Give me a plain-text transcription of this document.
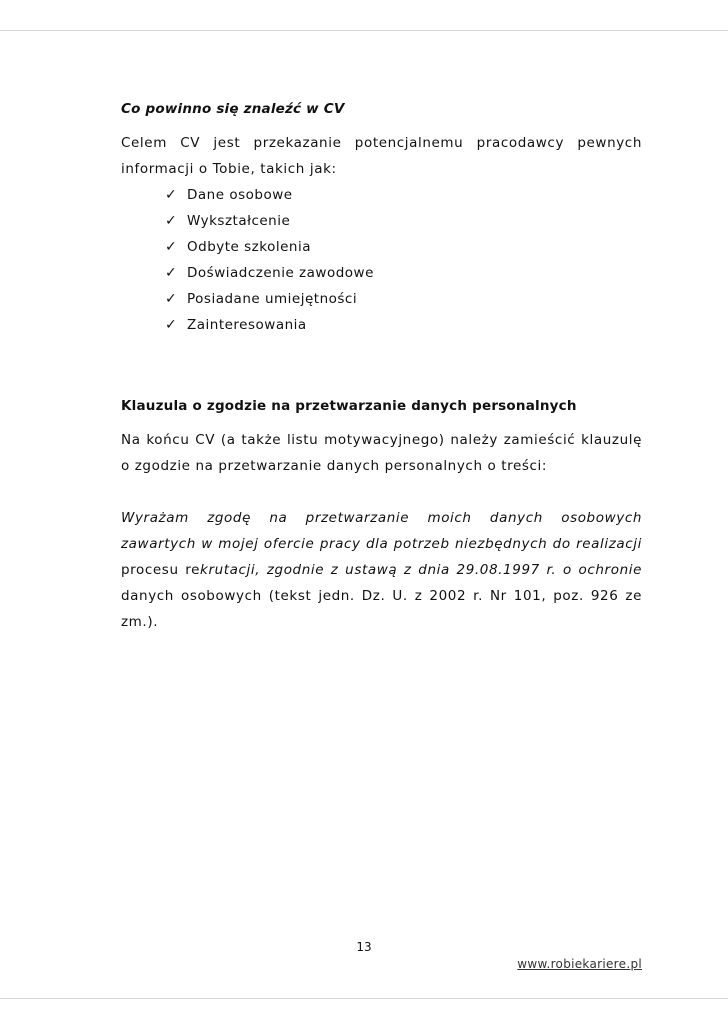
Co powinno się znaleźć w CV

Celem CV jest przekazanie potencjalnemu pracodawcy pewnych

informacji o Tobie, takich jak:

✓ Dane osobowe
✓ Wykształcenie
✓ Odbyte szkolenia
✓ Doświadczenie zawodowe
✓ Posiadane umiejętności
✓ Zainteresowania

Klauzula o zgodzie na przetwarzanie danych personalnych

Na końcu CV (a także listu motywacyjnego) należy zamieścić klauzulę

o zgodzie na przetwarzanie danych personalnych o treści:

Wyrażam zgodę na przetwarzanie moich danych osobowych

zawartych w mojej ofercie pracy dla potrzeb niezbędnych do realizacji

procesu rekrutacji, zgodnie z ustawą z dnia 29.08.1997 r. o ochronie

danych osobowych (tekst jedn. Dz. U. z 2002 r. Nr 101, poz. 926 ze

zm.).

13
www.robiekariere.pl
